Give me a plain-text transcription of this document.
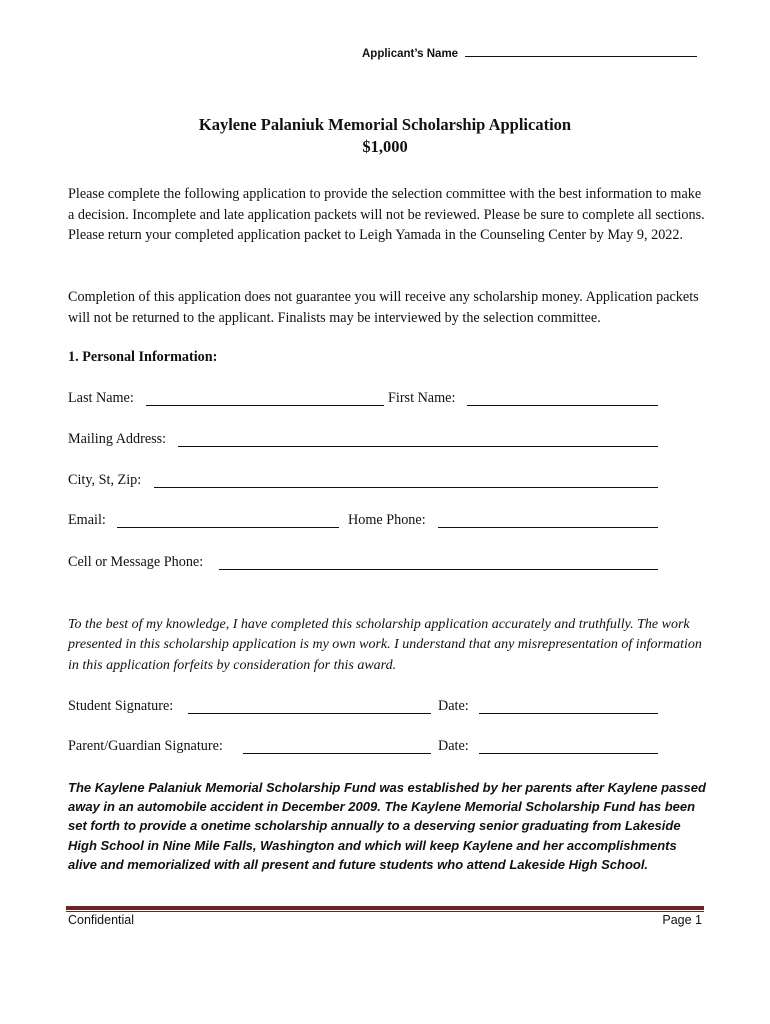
Applicant’s Name
Kaylene Palaniuk Memorial Scholarship Application
$1,000

Please complete the following application to provide the selection committee with the best information to make a decision. Incomplete and late application packets will not be reviewed. Please be sure to complete all sections. Please return your completed application packet to Leigh Yamada in the Counseling Center by May 9, 2022.

Completion of this application does not guarantee you will receive any scholarship money. Application packets will not be returned to the applicant. Finalists may be interviewed by the selection committee.

1. Personal Information:
Last Name:	First Name:
Mailing Address:
City, St, Zip:
Email:	Home Phone:
Cell or Message Phone:
To the best of my knowledge, I have completed this scholarship application accurately and truthfully. The work presented in this scholarship application is my own work. I understand that any misrepresentation of information in this application forfeits by consideration for this award.
Student Signature:	Date:
Parent/Guardian Signature:	Date:
The Kaylene Palaniuk Memorial Scholarship Fund was established by her parents after Kaylene passed away in an automobile accident in December 2009. The Kaylene Memorial Scholarship Fund has been set forth to provide a onetime scholarship annually to a deserving senior graduating from Lakeside High School in Nine Mile Falls, Washington and which will keep Kaylene and her accomplishments alive and memorialized with all present and future students who attend Lakeside High School.
Confidential	Page 1
